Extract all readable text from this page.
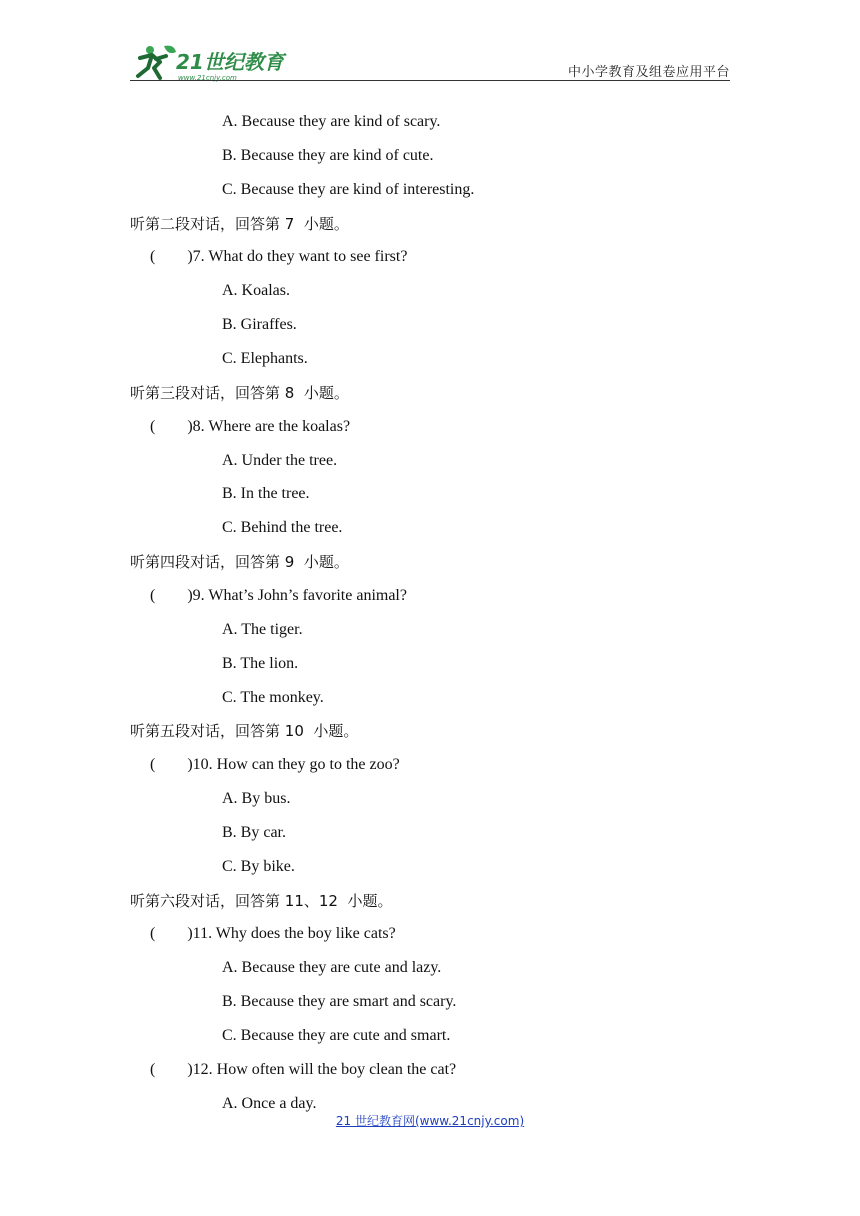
21世纪教育
www.21cnjy.com	中小学教育及组卷应用平台
A. Because they are kind of scary.
B. Because they are kind of cute.
C. Because they are kind of interesting.
听第二段对话，回答第 7  小题。
(        )7. What do they want to see first?
A. Koalas.
B. Giraffes.
C. Elephants.
听第三段对话，回答第 8  小题。
(        )8. Where are the koalas?
A. Under the tree.
B. In the tree.
C. Behind the tree.
听第四段对话，回答第 9  小题。
(        )9. What’s John’s favorite animal?
A. The tiger.
B. The lion.
C. The monkey.
听第五段对话，回答第 10  小题。
(        )10. How can they go to the zoo?
A. By bus.
B. By car.
C. By bike.
听第六段对话，回答第 11、12  小题。
(        )11. Why does the boy like cats?
A. Because they are cute and lazy.
B. Because they are smart and scary.
C. Because they are cute and smart.
(        )12. How often will the boy clean the cat?
A. Once a day.
21 世纪教育网(www.21cnjy.com)
